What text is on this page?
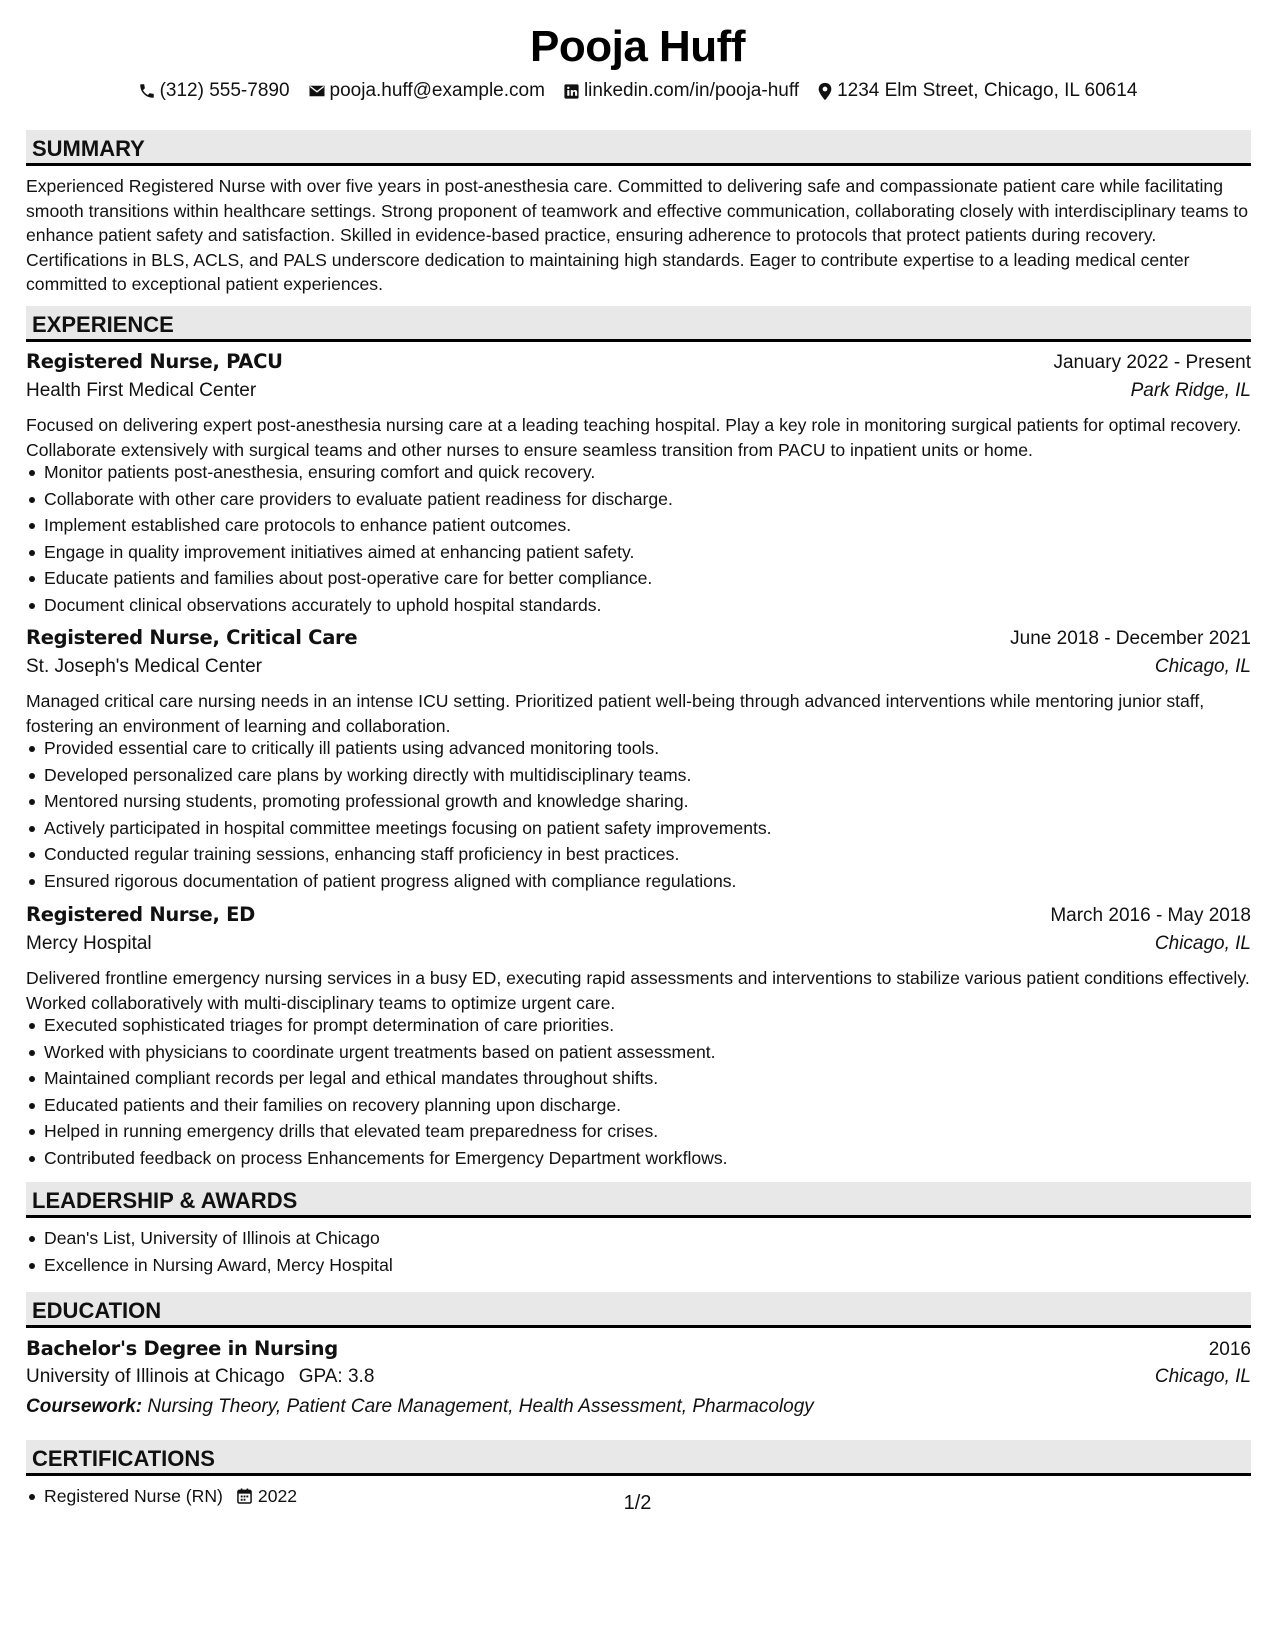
Pooja Huff
(312) 555-7890 pooja.huff@example.com linkedin.com/in/pooja-huff 1234 Elm Street, Chicago, IL 60614
SUMMARY
Experienced Registered Nurse with over five years in post-anesthesia care. Committed to delivering safe and compassionate patient care while facilitating smooth transitions within healthcare settings. Strong proponent of teamwork and effective communication, collaborating closely with interdisciplinary teams to enhance patient safety and satisfaction. Skilled in evidence-based practice, ensuring adherence to protocols that protect patients during recovery. Certifications in BLS, ACLS, and PALS underscore dedication to maintaining high standards. Eager to contribute expertise to a leading medical center committed to exceptional patient experiences.
EXPERIENCE
Registered Nurse, PACU	January 2022 - Present
Health First Medical Center	Park Ridge, IL
Focused on delivering expert post-anesthesia nursing care at a leading teaching hospital. Play a key role in monitoring surgical patients for optimal recovery. Collaborate extensively with surgical teams and other nurses to ensure seamless transition from PACU to inpatient units or home.
Monitor patients post-anesthesia, ensuring comfort and quick recovery.
Collaborate with other care providers to evaluate patient readiness for discharge.
Implement established care protocols to enhance patient outcomes.
Engage in quality improvement initiatives aimed at enhancing patient safety.
Educate patients and families about post-operative care for better compliance.
Document clinical observations accurately to uphold hospital standards.
Registered Nurse, Critical Care	June 2018 - December 2021
St. Joseph's Medical Center	Chicago, IL
Managed critical care nursing needs in an intense ICU setting. Prioritized patient well-being through advanced interventions while mentoring junior staff, fostering an environment of learning and collaboration.
Provided essential care to critically ill patients using advanced monitoring tools.
Developed personalized care plans by working directly with multidisciplinary teams.
Mentored nursing students, promoting professional growth and knowledge sharing.
Actively participated in hospital committee meetings focusing on patient safety improvements.
Conducted regular training sessions, enhancing staff proficiency in best practices.
Ensured rigorous documentation of patient progress aligned with compliance regulations.
Registered Nurse, ED	March 2016 - May 2018
Mercy Hospital	Chicago, IL
Delivered frontline emergency nursing services in a busy ED, executing rapid assessments and interventions to stabilize various patient conditions effectively. Worked collaboratively with multi-disciplinary teams to optimize urgent care.
Executed sophisticated triages for prompt determination of care priorities.
Worked with physicians to coordinate urgent treatments based on patient assessment.
Maintained compliant records per legal and ethical mandates throughout shifts.
Educated patients and their families on recovery planning upon discharge.
Helped in running emergency drills that elevated team preparedness for crises.
Contributed feedback on process Enhancements for Emergency Department workflows.
LEADERSHIP & AWARDS
Dean's List, University of Illinois at Chicago
Excellence in Nursing Award, Mercy Hospital
EDUCATION
Bachelor's Degree in Nursing	2016
University of Illinois at Chicago GPA: 3.8	Chicago, IL
Coursework: Nursing Theory, Patient Care Management, Health Assessment, Pharmacology
CERTIFICATIONS
Registered Nurse (RN) 2022	1/2
